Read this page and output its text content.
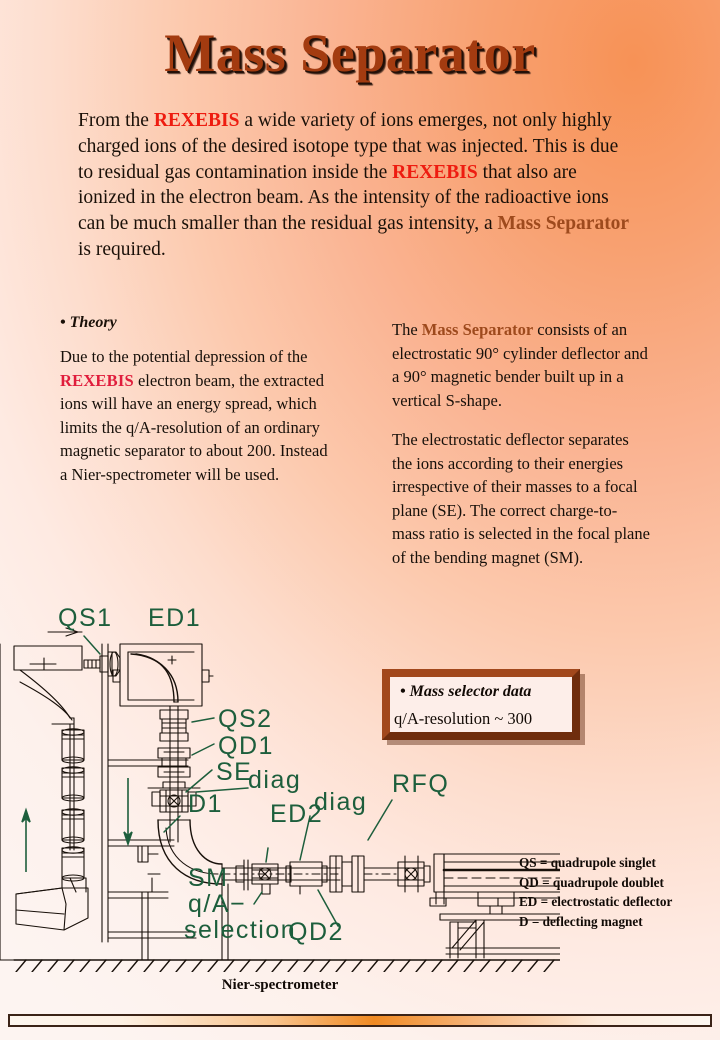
Mass Separator
From the REXEBIS a wide variety of ions emerges, not only highly charged ions of the desired isotope type that was injected. This is due to residual gas contamination inside the REXEBIS that also are ionized in the electron beam. As the intensity of the radioactive ions can be much smaller than the residual gas intensity, a Mass Separator is required.
• Theory
Due to the potential depression of the REXEBIS electron beam, the extracted ions will have an energy spread, which limits the q/A-resolution of an ordinary magnetic separator to about 200. Instead a Nier-spectrometer will be used.

The Mass Separator consists of an electrostatic 90° cylinder deflector and a 90° magnetic bender built up in a vertical S-shape.

The electrostatic deflector separates the ions according to their energies irrespective of their masses to a focal plane (SE). The correct charge-to-mass ratio is selected in the focal plane of the bending magnet (SM).

• Mass selector data
q/A-resolution ~ 300
QS = quadrupole singlet
QD = quadrupole doublet
ED = electrostatic deflector
D = deflecting magnet
QS1 ED1
QS2
QD1
SE
D1
diag
ED2
diag
RFQ
SM
q/A−
selection
QD2
Nier-spectrometer
